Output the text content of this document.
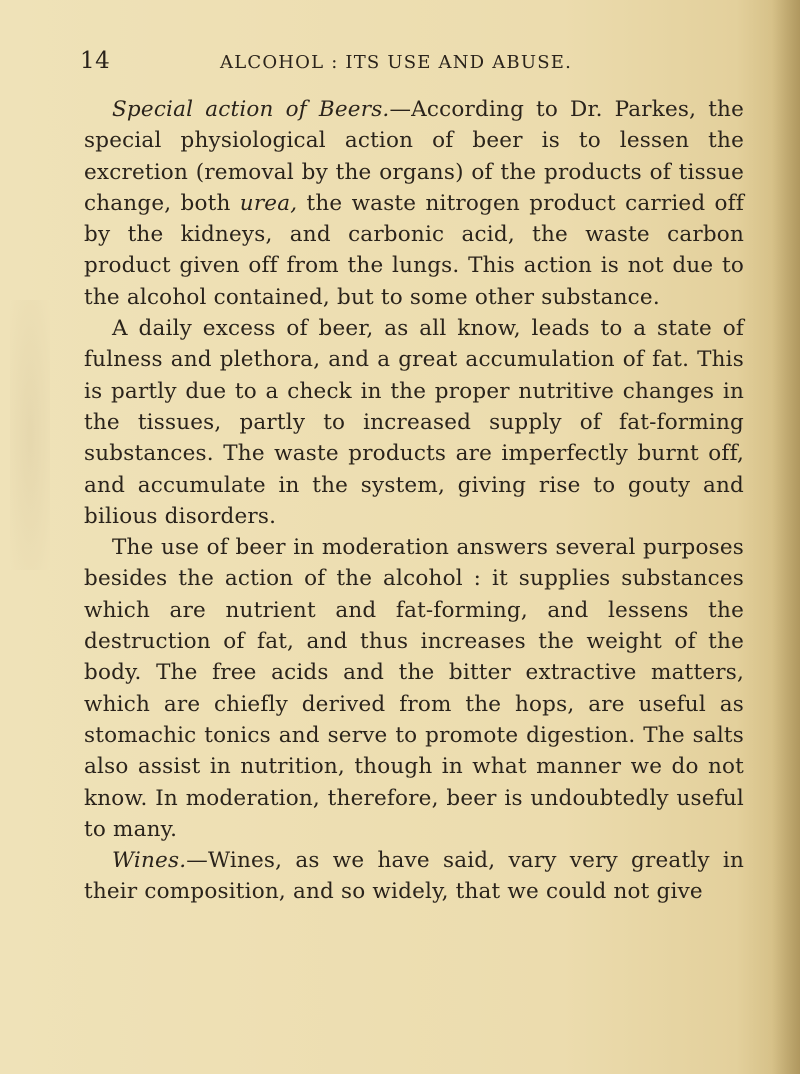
14	ALCOHOL : ITS USE AND ABUSE.

Special action of Beers.—According to Dr. Parkes, the special physiological action of beer is to lessen the excretion (removal by the organs) of the products of tissue change, both urea, the waste nitrogen product carried off by the kidneys, and carbonic acid, the waste carbon product given off from the lungs. This action is not due to the alcohol contained, but to some other substance.

A daily excess of beer, as all know, leads to a state of fulness and plethora, and a great accumulation of fat. This is partly due to a check in the proper nutritive changes in the tissues, partly to increased supply of fat-forming substances. The waste products are imperfectly burnt off, and accumulate in the system, giving rise to gouty and bilious disorders.

The use of beer in moderation answers several purposes besides the action of the alcohol : it supplies substances which are nutrient and fat-forming, and lessens the destruction of fat, and thus increases the weight of the body. The free acids and the bitter extractive matters, which are chiefly derived from the hops, are useful as stomachic tonics and serve to promote digestion. The salts also assist in nutrition, though in what manner we do not know. In moderation, therefore, beer is undoubtedly useful to many.

Wines.—Wines, as we have said, vary very greatly in their composition, and so widely, that we could not give
